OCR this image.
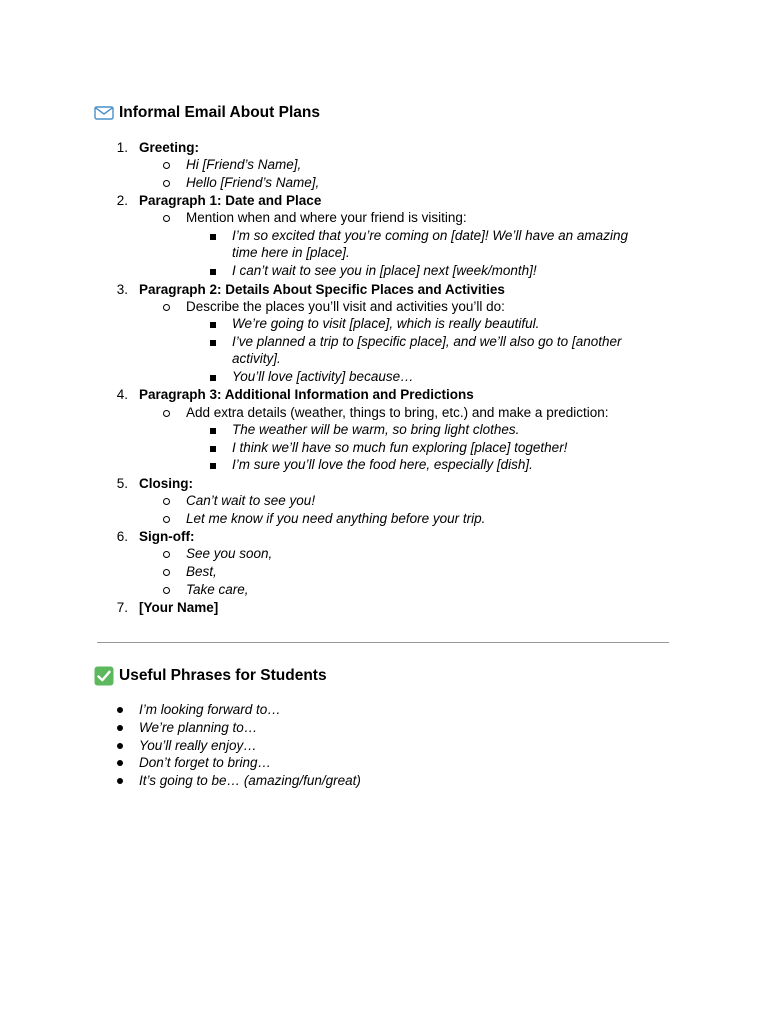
Informal Email About Plans
1. Greeting:
Hi [Friend’s Name],
Hello [Friend’s Name],
2. Paragraph 1: Date and Place
Mention when and where your friend is visiting:
I’m so excited that you’re coming on [date]! We’ll have an amazing time here in [place].
I can’t wait to see you in [place] next [week/month]!
3. Paragraph 2: Details About Specific Places and Activities
Describe the places you’ll visit and activities you’ll do:
We’re going to visit [place], which is really beautiful.
I’ve planned a trip to [specific place], and we’ll also go to [another activity].
You’ll love [activity] because…
4. Paragraph 3: Additional Information and Predictions
Add extra details (weather, things to bring, etc.) and make a prediction:
The weather will be warm, so bring light clothes.
I think we’ll have so much fun exploring [place] together!
I’m sure you’ll love the food here, especially [dish].
5. Closing:
Can’t wait to see you!
Let me know if you need anything before your trip.
6. Sign-off:
See you soon,
Best,
Take care,
7. [Your Name]
Useful Phrases for Students
I’m looking forward to…
We’re planning to…
You’ll really enjoy…
Don’t forget to bring…
It’s going to be… (amazing/fun/great)
